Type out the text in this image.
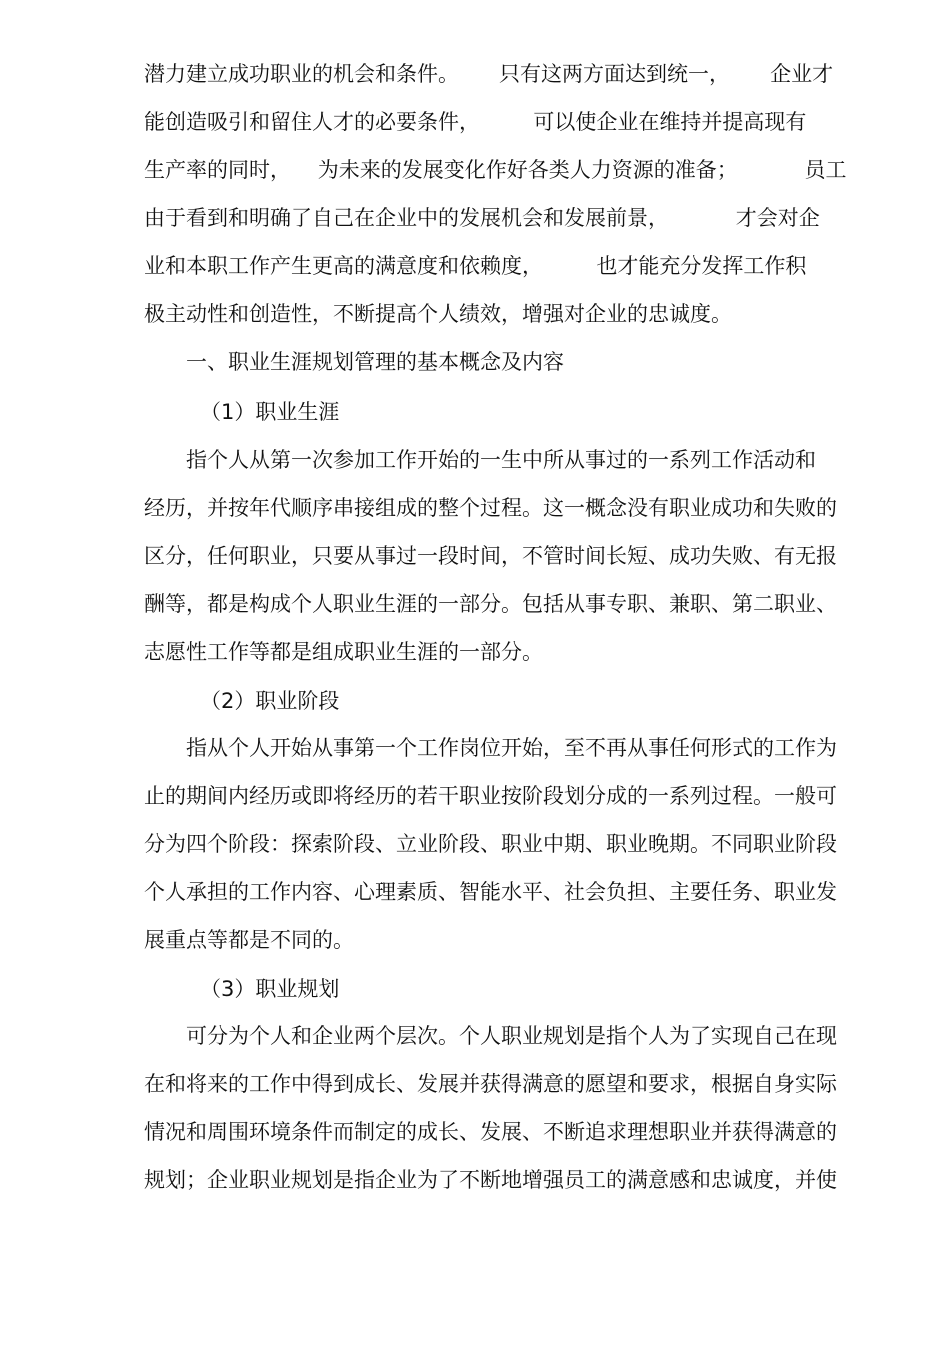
潜力建立成功职业的机会和条件。      只有这两方面达到统一，      企业才
能创造吸引和留住人才的必要条件，        可以使企业在维持并提高现有
生产率的同时，    为未来的发展变化作好各类人力资源的准备；          员工
由于看到和明确了自己在企业中的发展机会和发展前景，          才会对企
业和本职工作产生更高的满意度和依赖度，        也才能充分发挥工作积
极主动性和创造性，不断提高个人绩效，增强对企业的忠诚度。
一、职业生涯规划管理的基本概念及内容
（1）职业生涯
指个人从第一次参加工作开始的一生中所从事过的一系列工作活动和
经历，并按年代顺序串接组成的整个过程。这一概念没有职业成功和失败的
区分，任何职业，只要从事过一段时间，不管时间长短、成功失败、有无报
酬等，都是构成个人职业生涯的一部分。包括从事专职、兼职、第二职业、
志愿性工作等都是组成职业生涯的一部分。
（2）职业阶段
指从个人开始从事第一个工作岗位开始，至不再从事任何形式的工作为
止的期间内经历或即将经历的若干职业按阶段划分成的一系列过程。一般可
分为四个阶段：探索阶段、立业阶段、职业中期、职业晚期。不同职业阶段
个人承担的工作内容、心理素质、智能水平、社会负担、主要任务、职业发
展重点等都是不同的。
（3）职业规划
可分为个人和企业两个层次。个人职业规划是指个人为了实现自己在现
在和将来的工作中得到成长、发展并获得满意的愿望和要求，根据自身实际
情况和周围环境条件而制定的成长、发展、不断追求理想职业并获得满意的
规划；企业职业规划是指企业为了不断地增强员工的满意感和忠诚度，并使
